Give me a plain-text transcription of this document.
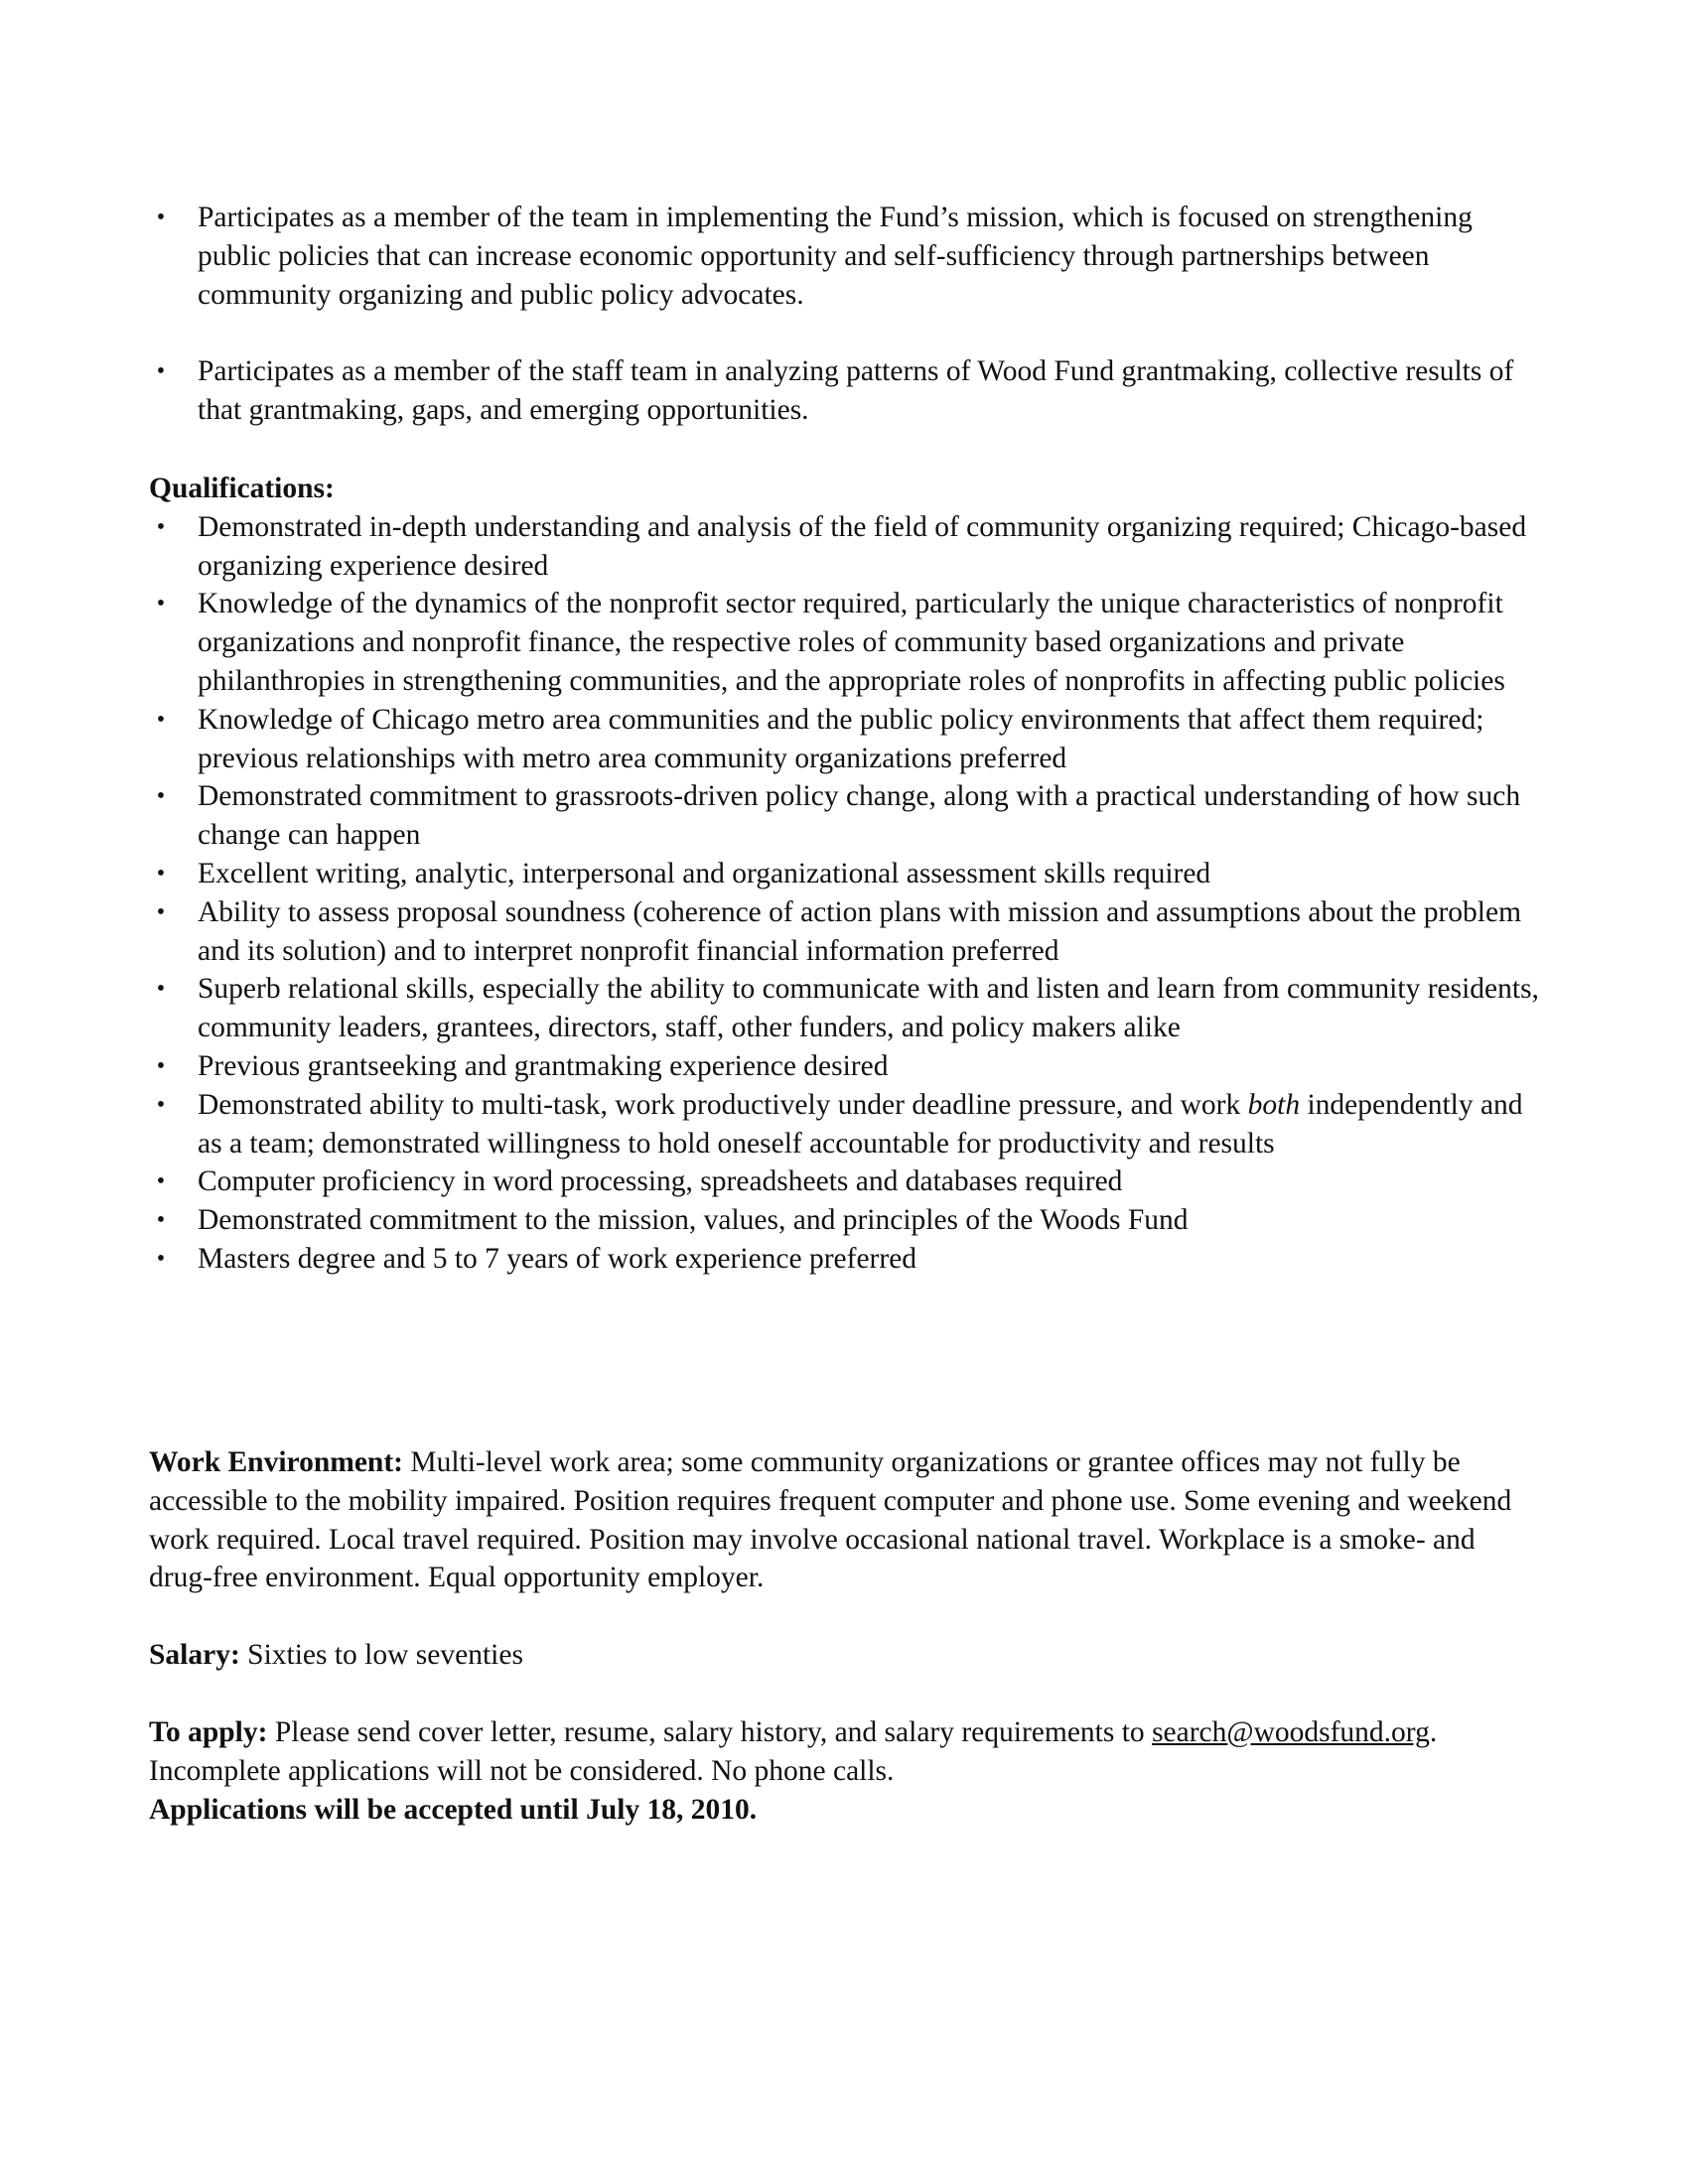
• Participates as a member of the team in implementing the Fund’s mission, which is focused on strengthening public policies that can increase economic opportunity and self-sufficiency through partnerships between community organizing and public policy advocates.
• Participates as a member of the staff team in analyzing patterns of Wood Fund grantmaking, collective results of that grantmaking, gaps, and emerging opportunities.
Qualifications:
• Demonstrated in-depth understanding and analysis of the field of community organizing required; Chicago-based organizing experience desired
• Knowledge of the dynamics of the nonprofit sector required, particularly the unique characteristics of nonprofit organizations and nonprofit finance, the respective roles of community based organizations and private philanthropies in strengthening communities, and the appropriate roles of nonprofits in affecting public policies
• Knowledge of Chicago metro area communities and the public policy environments that affect them required; previous relationships with metro area community organizations preferred
• Demonstrated commitment to grassroots-driven policy change, along with a practical understanding of how such change can happen
• Excellent writing, analytic, interpersonal and organizational assessment skills required
• Ability to assess proposal soundness (coherence of action plans with mission and assumptions about the problem and its solution) and to interpret nonprofit financial information preferred
• Superb relational skills, especially the ability to communicate with and listen and learn from community residents, community leaders, grantees, directors, staff, other funders, and policy makers alike
• Previous grantseeking and grantmaking experience desired
• Demonstrated ability to multi-task, work productively under deadline pressure, and work both independently and as a team; demonstrated willingness to hold oneself accountable for productivity and results
• Computer proficiency in word processing, spreadsheets and databases required
• Demonstrated commitment to the mission, values, and principles of the Woods Fund
• Masters degree and 5 to 7 years of work experience preferred

Work Environment: Multi-level work area; some community organizations or grantee offices may not fully be accessible to the mobility impaired. Position requires frequent computer and phone use. Some evening and weekend work required. Local travel required. Position may involve occasional national travel. Workplace is a smoke- and drug-free environment. Equal opportunity employer.

Salary: Sixties to low seventies

To apply: Please send cover letter, resume, salary history, and salary requirements to search@woodsfund.org. Incomplete applications will not be considered. No phone calls.

Applications will be accepted until July 18, 2010.
